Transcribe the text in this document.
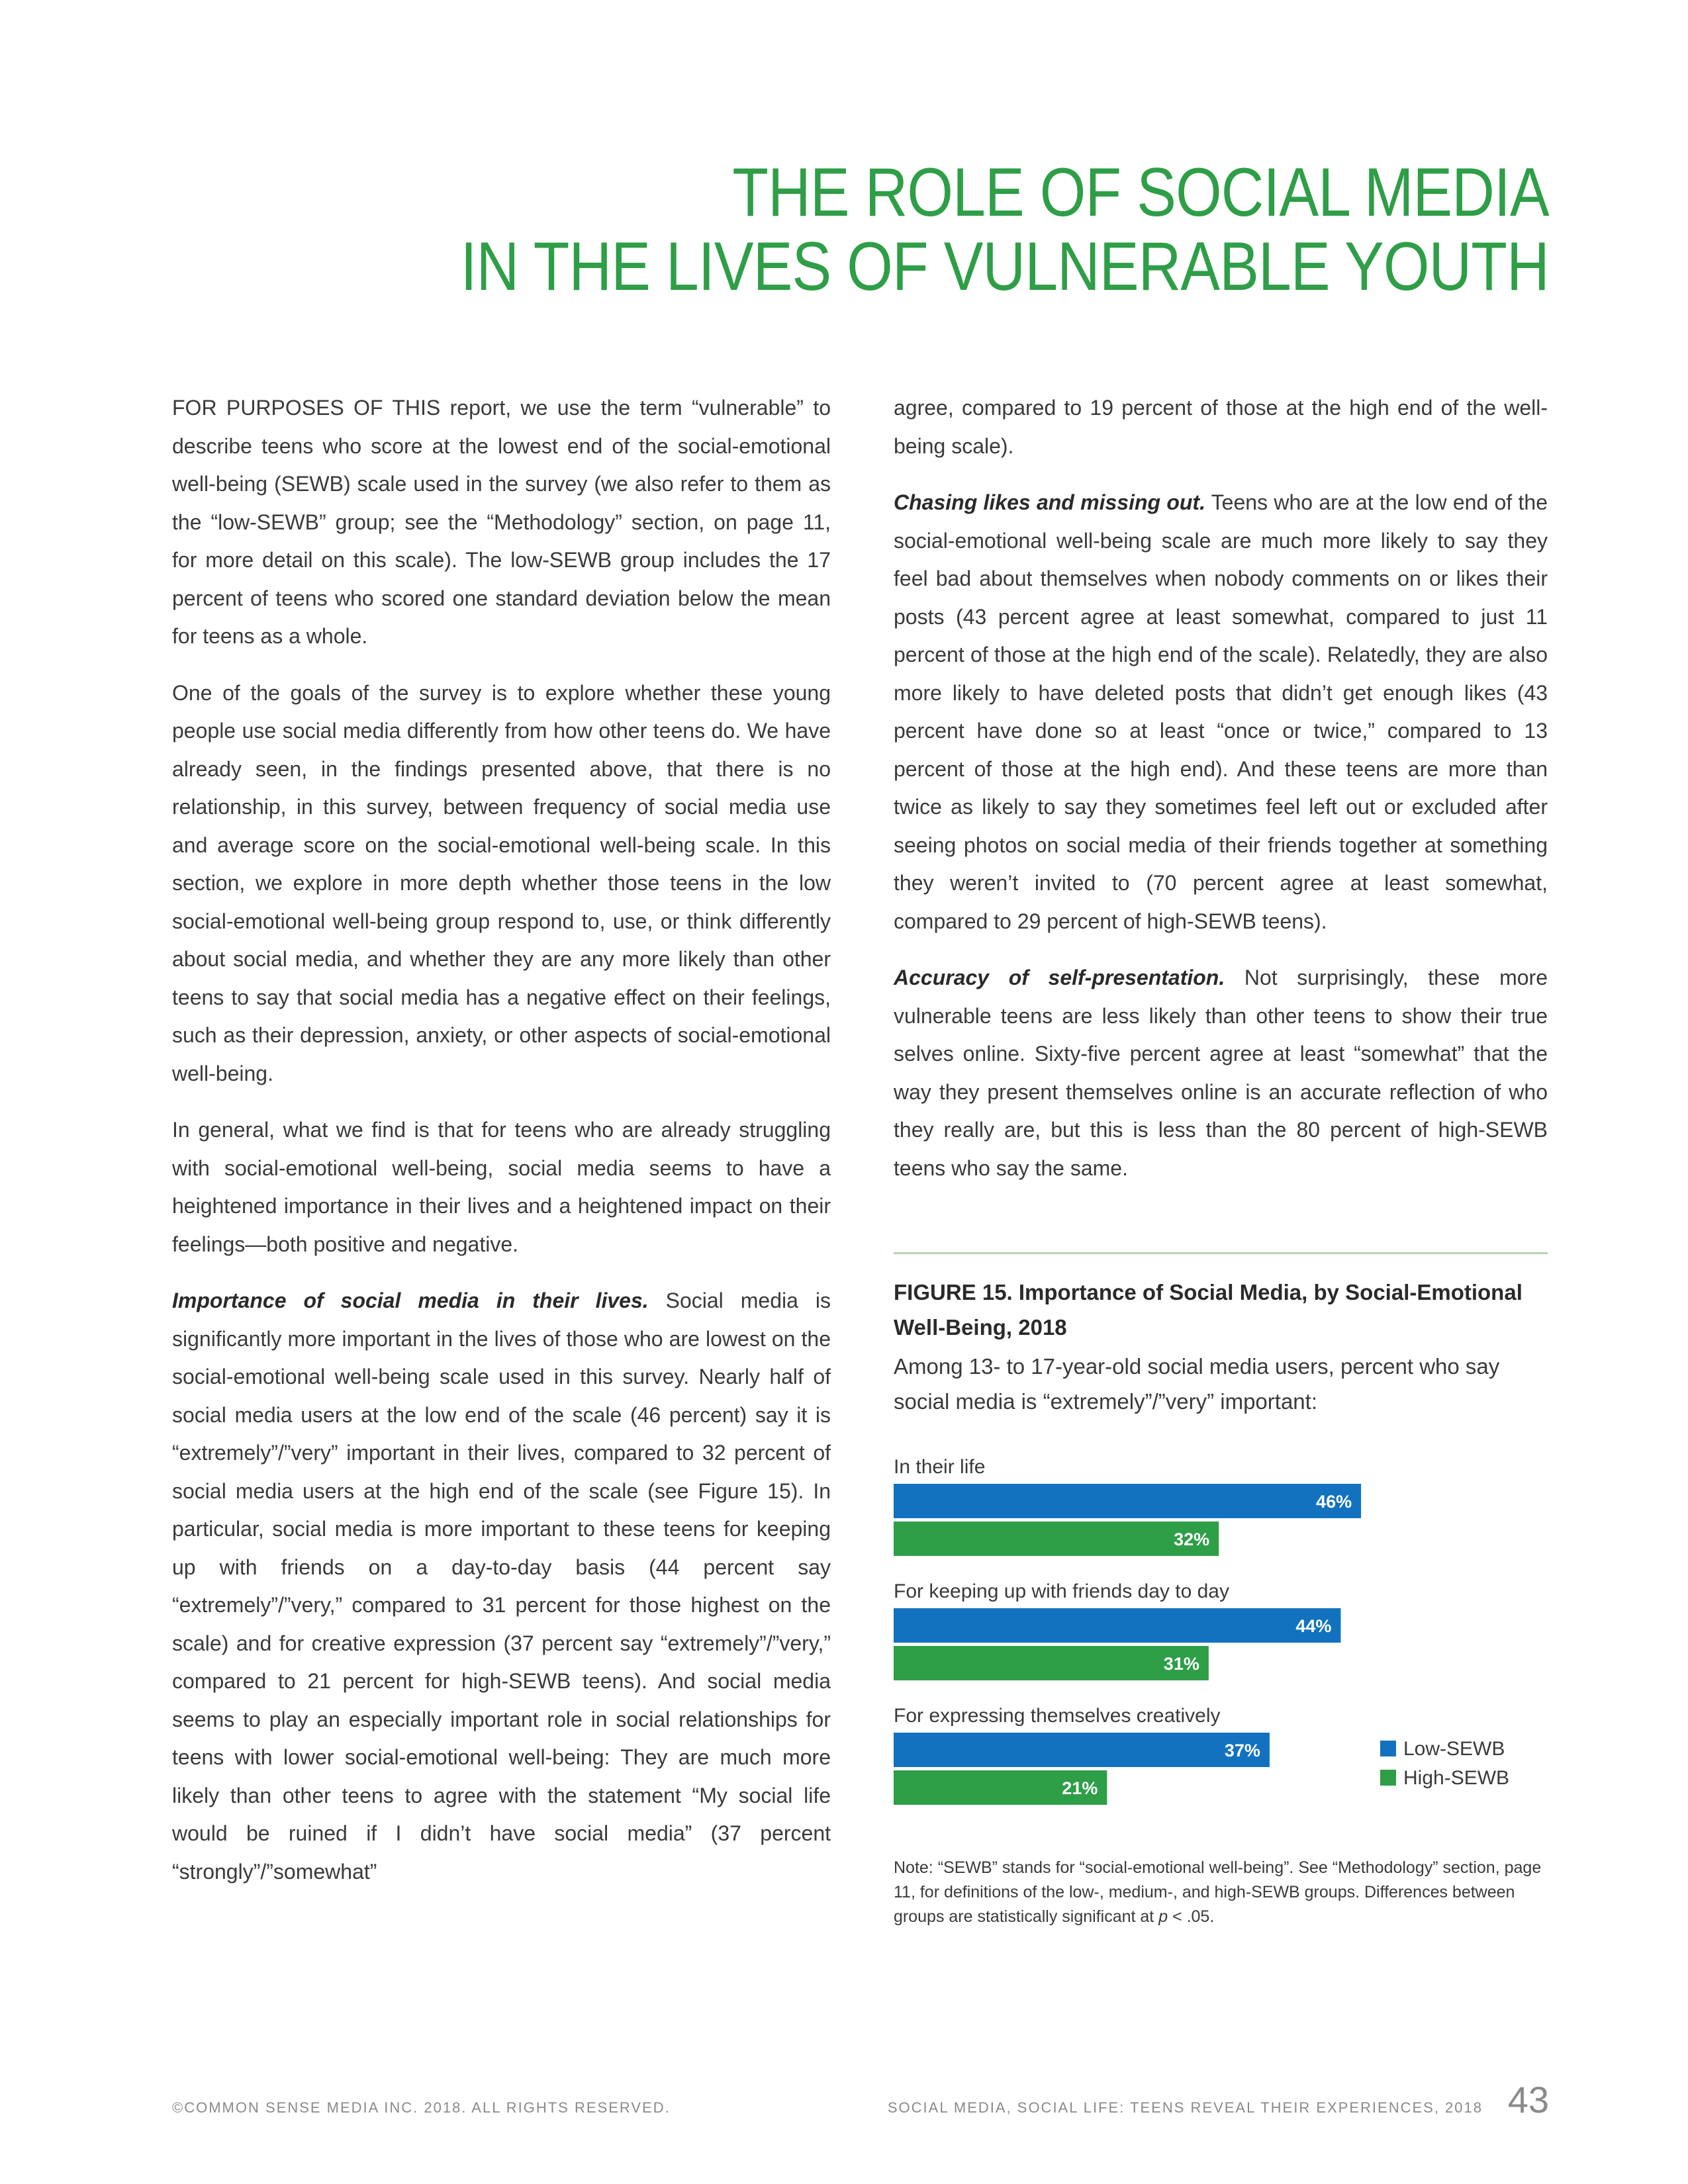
THE ROLE OF SOCIAL MEDIA
IN THE LIVES OF VULNERABLE YOUTH

FOR PURPOSES OF THIS report, we use the term “vulnerable” to describe teens who score at the lowest end of the social-emotional well-being (SEWB) scale used in the survey (we also refer to them as the “low-SEWB” group; see the “Methodology” section, on page 11, for more detail on this scale). The low-SEWB group includes the 17 percent of teens who scored one standard deviation below the mean for teens as a whole.

One of the goals of the survey is to explore whether these young people use social media differently from how other teens do. We have already seen, in the findings presented above, that there is no relationship, in this survey, between frequency of social media use and average score on the social-emotional well-being scale. In this section, we explore in more depth whether those teens in the low social-emotional well-being group respond to, use, or think differently about social media, and whether they are any more likely than other teens to say that social media has a negative effect on their feelings, such as their depression, anxiety, or other aspects of social-emotional well-being.

In general, what we find is that for teens who are already struggling with social-emotional well-being, social media seems to have a heightened importance in their lives and a heightened impact on their feelings—both positive and negative.

Importance of social media in their lives. Social media is significantly more important in the lives of those who are lowest on the social-emotional well-being scale used in this survey. Nearly half of social media users at the low end of the scale (46 percent) say it is “extremely”/”very” important in their lives, compared to 32 percent of social media users at the high end of the scale (see Figure 15). In particular, social media is more important to these teens for keeping up with friends on a day-to-day basis (44 percent say “extremely”/”very,” compared to 31 percent for those highest on the scale) and for creative expression (37 percent say “extremely”/”very,” compared to 21 percent for high-SEWB teens). And social media seems to play an especially important role in social relationships for teens with lower social-emotional well-being: They are much more likely than other teens to agree with the statement “My social life would be ruined if I didn’t have social media” (37 percent “strongly”/”somewhat”

agree, compared to 19 percent of those at the high end of the well-being scale).

Chasing likes and missing out. Teens who are at the low end of the social-emotional well-being scale are much more likely to say they feel bad about themselves when nobody comments on or likes their posts (43 percent agree at least somewhat, compared to just 11 percent of those at the high end of the scale). Relatedly, they are also more likely to have deleted posts that didn’t get enough likes (43 percent have done so at least “once or twice,” compared to 13 percent of those at the high end). And these teens are more than twice as likely to say they sometimes feel left out or excluded after seeing photos on social media of their friends together at something they weren’t invited to (70 percent agree at least somewhat, compared to 29 percent of high-SEWB teens).

Accuracy of self-presentation. Not surprisingly, these more vulnerable teens are less likely than other teens to show their true selves online. Sixty-five percent agree at least “somewhat” that the way they present themselves online is an accurate reflection of who they really are, but this is less than the 80 percent of high-SEWB teens who say the same.

FIGURE 15. Importance of Social Media, by Social-Emotional Well-Being, 2018
Among 13- to 17-year-old social media users, percent who say social media is “extremely”/”very” important:
In their life
46%
32%
For keeping up with friends day to day
44%
31%
For expressing themselves creatively
37%
21%
Low-SEWB
High-SEWB
Note: “SEWB” stands for “social-emotional well-being”. See “Methodology” section, page 11, for definitions of the low-, medium-, and high-SEWB groups. Differences between groups are statistically significant at p < .05.
©COMMON SENSE MEDIA INC. 2018. ALL RIGHTS RESERVED.	SOCIAL MEDIA, SOCIAL LIFE: TEENS REVEAL THEIR EXPERIENCES, 2018 43
